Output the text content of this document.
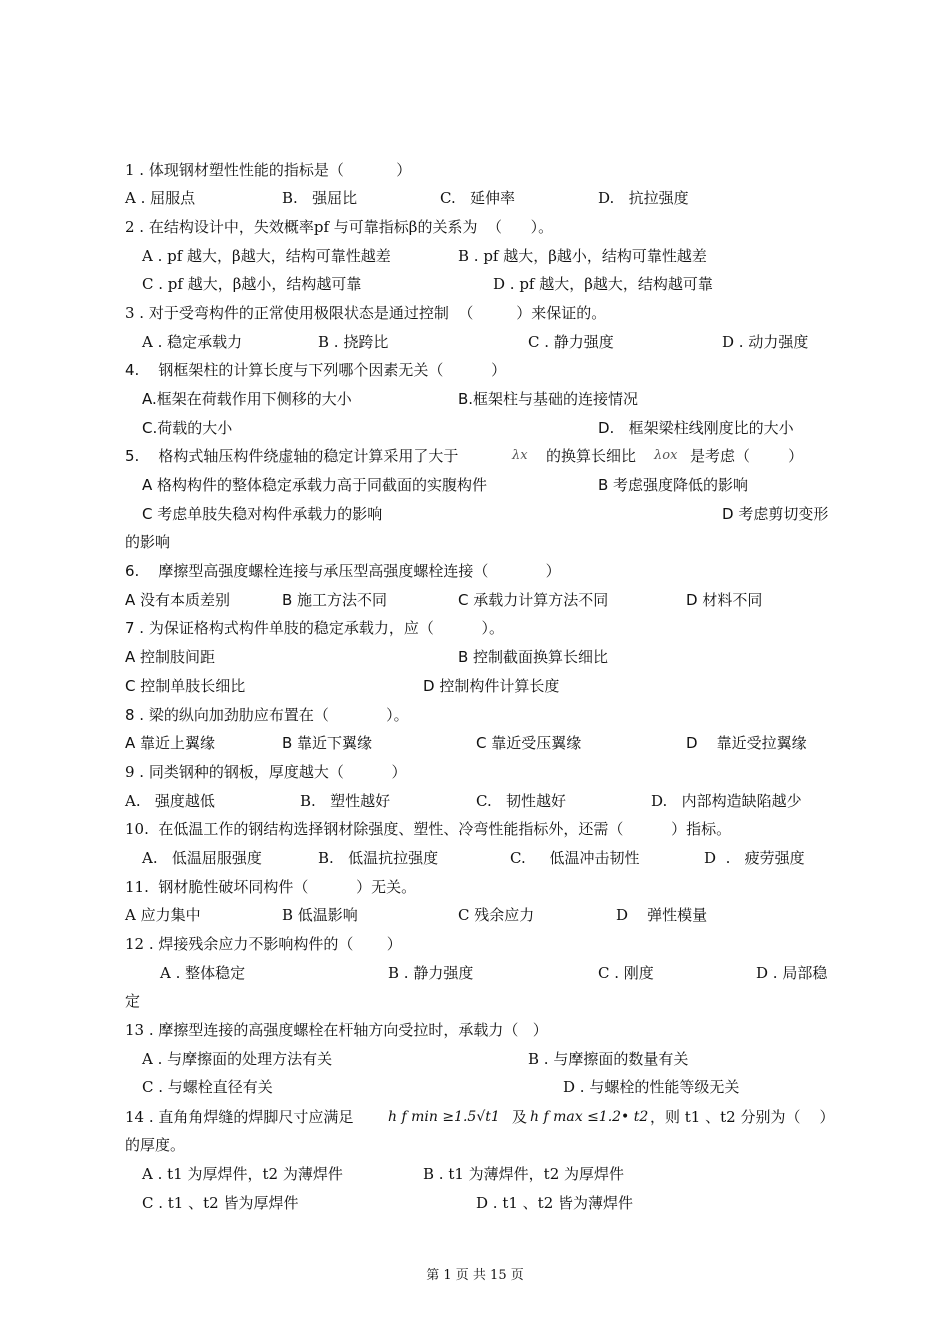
1 . 体现钢材塑性性能的指标是（           ）

A . 屈服点

	B.   强屈比

	C.   延伸率

	D.   抗拉强度

2 . 在结构设计中，失效概率pf 与可靠指标β的关系为  （      ）。

A . pf 越大，β越大，结构可靠性越差

	B . pf 越大，β越小，结构可靠性越差

C . pf 越大，β越小，结构越可靠

	D . pf 越大，β越大，结构越可靠

3 . 对于受弯构件的正常使用极限状态是通过控制  （         ）来保证的。

A . 稳定承载力

	B . 挠跨比

	C . 静力强度

	D . 动力强度

4.    钢框架柱的计算长度与下列哪个因素无关（          ）

A.框架在荷载作用下侧移的大小

	B.框架柱与基础的连接情况

C.荷载的大小

	D.   框架梁柱线刚度比的大小

5.    格构式轴压构件绕虚轴的稳定计算采用了大于

	λx

的换算长细比

λox

是考虑（        ）

A 格构构件的整体稳定承载力高于同截面的实腹构件

	B 考虑强度降低的影响

C 考虑单肢失稳对构件承载力的影响

	D 考虑剪切变形

的影响

6.    摩擦型高强度螺栓连接与承压型高强度螺栓连接（            ）

A 没有本质差别

	B 施工方法不同

	C 承载力计算方法不同

	D 材料不同

7 . 为保证格构式构件单肢的稳定承载力，应（          ）。

A 控制肢间距

	B 控制截面换算长细比

C 控制单肢长细比

	D 控制构件计算长度

8 . 梁的纵向加劲肋应布置在（            ）。

A 靠近上翼缘

	B 靠近下翼缘

	C 靠近受压翼缘

	D    靠近受拉翼缘

9 . 同类钢种的钢板，厚度越大（          ）

A.   强度越低

	B.   塑性越好

	C.   韧性越好

	D.   内部构造缺陷越少

10.  在低温工作的钢结构选择钢材除强度、塑性、冷弯性能指标外，还需（          ）指标。

A.   低温屈服强度

	B.   低温抗拉强度

	C.     低温冲击韧性

	D  .   疲劳强度

11.  钢材脆性破坏同构件（          ）无关。

A 应力集中

	B 低温影响

	C 残余应力

	D    弹性模量

12 . 焊接残余应力不影响构件的（       ）

A . 整体稳定

	B . 静力强度

	C . 刚度

	D . 局部稳

定

13 . 摩擦型连接的高强度螺栓在杆轴方向受拉时，承载力（   ）

A . 与摩擦面的处理方法有关

	B . 与摩擦面的数量有关

C . 与螺栓直径有关

	D . 与螺栓的性能等级无关

14 . 直角角焊缝的焊脚尺寸应满足

h f min ≥1.5√t1

及

h f max ≤1.2• t2

，则 t1 、t2 分别为（    ）

的厚度。

A . t1 为厚焊件，t2 为薄焊件

	B . t1 为薄焊件，t2 为厚焊件

C . t1 、t2 皆为厚焊件

	D . t1 、t2 皆为薄焊件

第 1 页 共 15 页
